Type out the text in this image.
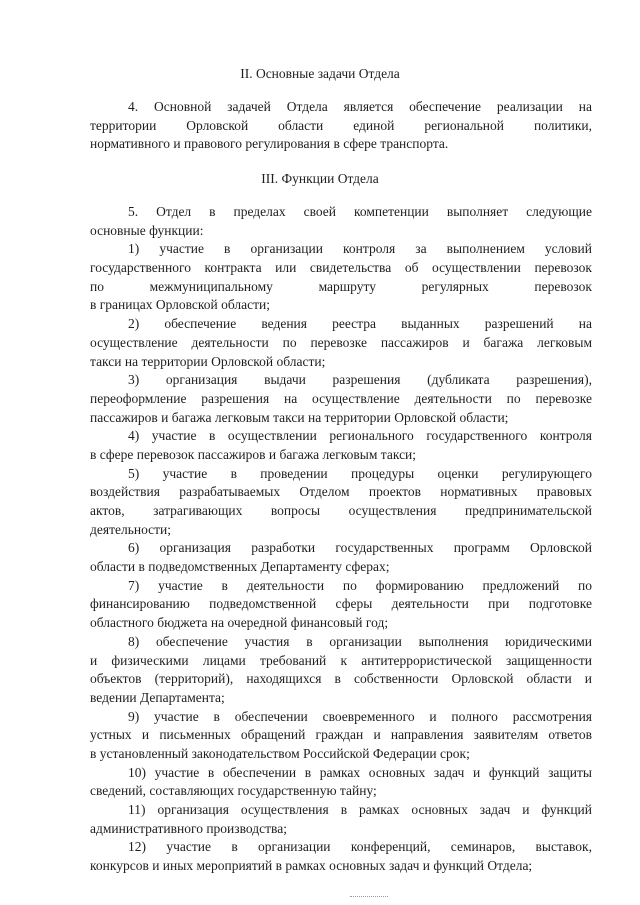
II. Основные задачи Отдела
4. Основной задачей Отдела является обеспечение реализации на
территории Орловской области единой региональной политики,
нормативного и правового регулирования в сфере транспорта.
III. Функции Отдела
5. Отдел в пределах своей компетенции выполняет следующие
основные функции:
1) участие в организации контроля за выполнением условий
государственного контракта или свидетельства об осуществлении перевозок
по межмуниципальному маршруту регулярных перевозок
в границах Орловской области;
2) обеспечение ведения реестра выданных разрешений на
осуществление деятельности по перевозке пассажиров и багажа легковым
такси на территории Орловской области;
3) организация выдачи разрешения (дубликата разрешения),
переоформление разрешения на осуществление деятельности по перевозке
пассажиров и багажа легковым такси на территории Орловской области;
4) участие в осуществлении регионального государственного контроля
в сфере перевозок пассажиров и багажа легковым такси;
5) участие в проведении процедуры оценки регулирующего
воздействия разрабатываемых Отделом проектов нормативных правовых
актов, затрагивающих вопросы осуществления предпринимательской
деятельности;
6) организация разработки государственных программ Орловской
области в подведомственных Департаменту сферах;
7) участие в деятельности по формированию предложений по
финансированию подведомственной сферы деятельности при подготовке
областного бюджета на очередной финансовый год;
8) обеспечение участия в организации выполнения юридическими
и физическими лицами требований к антитеррористической защищенности
объектов (территорий), находящихся в собственности Орловской области и
ведении Департамента;
9) участие в обеспечении своевременного и полного рассмотрения
устных и письменных обращений граждан и направления заявителям ответов
в установленный законодательством Российской Федерации срок;
10) участие в обеспечении в рамках основных задач и функций защиты
сведений, составляющих государственную тайну;
11) организация осуществления в рамках основных задач и функций
административного производства;
12) участие в организации конференций, семинаров, выставок,
конкурсов и иных мероприятий в рамках основных задач и функций Отдела;
